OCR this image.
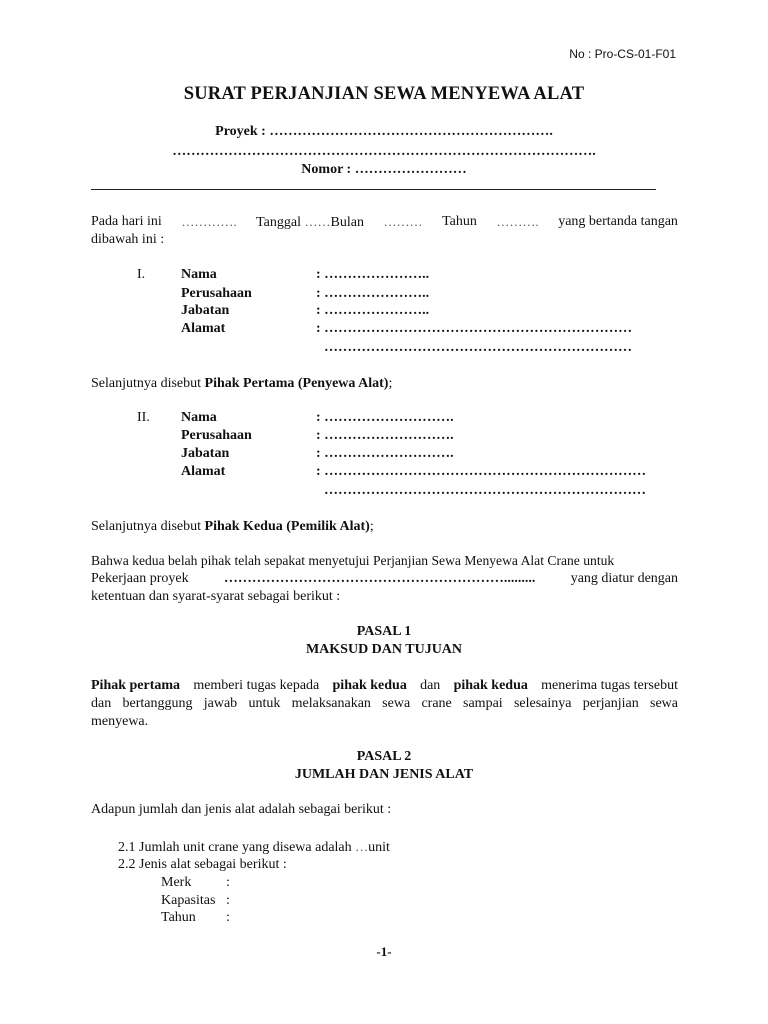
No : Pro-CS-01-F01
SURAT PERJANJIAN SEWA MENYEWA ALAT
Proyek : …………………………………………………….
……………………………………………………………………………….
Nomor : ……………………
Pada hari ini …………. Tanggal ……Bulan ……… Tahun ………. yang bertanda tangan
dibawah ini :
I.	Nama	: …………………..
Perusahaan	: …………………..
Jabatan	: …………………..
Alamat	: …………………………………………………………
…………………………………………………………
Selanjutnya disebut Pihak Pertama (Penyewa Alat);
II. Nama	: ……………………….
Perusahaan	: ……………………….
Jabatan	: ……………………….
Alamat	: ……………………………………………………………
……………………………………………………………
Selanjutnya disebut Pihak Kedua (Pemilik Alat);
Bahwa kedua belah pihak telah sepakat menyetujui Perjanjian Sewa Menyewa Alat Crane untuk
Pekerjaan proyek	…………………………………………………….........	yang diatur dengan
ketentuan dan syarat-syarat sebagai berikut :
PASAL 1
MAKSUD DAN TUJUAN
Pihak pertama memberi tugas kepada pihak kedua dan pihak kedua menerima tugas tersebut
dan bertanggung jawab untuk melaksanakan sewa crane sampai selesainya perjanjian sewa
menyewa.
PASAL 2
JUMLAH DAN JENIS ALAT
Adapun jumlah dan jenis alat adalah sebagai berikut :
2.1 Jumlah unit crane yang disewa adalah …unit
2.2 Jenis alat sebagai berikut :
Merk :
Kapasitas :
Tahun :
-1-
